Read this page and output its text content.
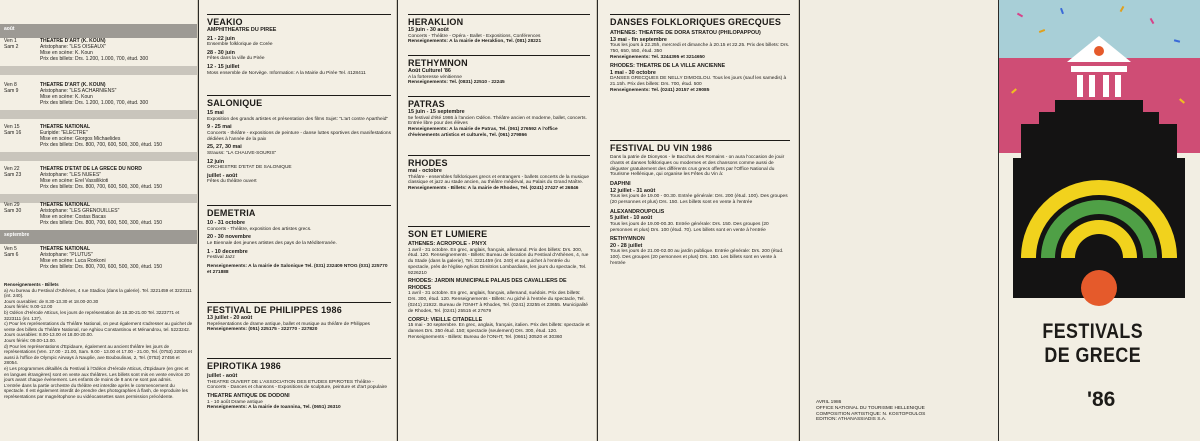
août
Ven 1
Sam 2
THEATRE D'ART (K. KOUN)
Aristophane: "LES OISEAUX"
Mise en scène: K. Koun
Prix des billets: Drs. 1.200, 1.000, 700, étud. 300
Ven 8
Sam 9
THEATRE D'ART (K. KOUN)
Aristophane: "LES ACHARNIENS"
Mise en scène: K. Koun
Prix des billets: Drs. 1.200, 1.000, 700, étud. 300
Ven 15
Sam 16
THEATRE NATIONAL
Euripide: "ELECTRE"
Mise en scène: Giorgos Michaelides
Prix des billets: Drs. 800, 700, 600, 500, 300, étud. 150
Ven 22
Sam 23
THEATRE D'ETAT DE LA GRECE DU NORD
Aristophane: "LES NUEES"
Mise en scène: Erel Vassilikioti
Prix des billets: Drs. 800, 700, 600, 500, 300, étud. 150
Ven 29
Sam 30
THEATRE NATIONAL
Aristophane: "LES GRENOUILLES"
Mise en scène: Costas Bacas
Prix des billets: Drs. 800, 700, 600, 500, 300, étud. 150
Ven 5
Sam 6
THEATRE NATIONAL
Aristophane: "PLUTUS"
Mise en scène: Luca Ronkoni
Prix des billets: Drs. 800, 700, 600, 500, 300, étud. 150
septembre
Renseignements - Billets
a) Au bureau du Festival d'Athènes, 4 rue Stadiou (dans la galerie). Tel. 3221459 et 3223111 (int. 240).
Jours ouvrables: de 8.30-13.30 et 18.00-20.30
Jours fériés: 9.00-12.00
b) Odéon d'Hérode Atticus, les jours de représentation de 18.30-21.00 Tel. 3223771 et 3223111 (int. 137).
c) Pour les représentations du Théâtre National, on peut également s'adresser au guichet de vente des billets du Théâtre National, rue Aghiou Constantinou et Ménandrou, tel. 5223242.
Jours ouvrables: 8.00-13.00 et 18.00-20.00.
Jours fériés: 09.00-13.00.
d) Pour les représentations d'Epidaure, également au ancient théâtre les jours de représentations (Ven. 17.00 - 21.00, Sam. 9.00 - 13.00 et 17.00 - 21.00, Tel. (0753) 22026 et aussi à l'office de Olympic Airways à Nauplie, ave Bouboulinas, 2, Tel. (0752) 27456 et 28054.
e) Les programmes détaillés du Festival à l'Odéon d'Hérode Atticus, d'Epidaure (en grec et en langues étrangères) sont en vente aux théâtres. Les billets sont mis en vente environ 20 jours avant chaque événement. Les enfants de moins de 8 ans ne sont pas admis.
L'entrée dans la partie orchestre du théâtre est interdite après le commencement du spectacle. Il est également interdit de prendre des photographies à flash, de reproduire les représentations par magnétophone ou vidéocassettes sans permission précédente.
VEAKIO
AMPHITHEATRE DU PIREE
21 - 22 juin
Ensemble folklorique de Corée
28 - 30 juin
Fêtes dans la ville du Pirée
12 - 15 juillet
Moss ensemble de Norvège. Information: A la Mairie du Pirée Tel. 4128411
SALONIQUE
15 mai
Exposition des grands artistes et présentation des films Sujet: "L'art contre Apartheid"
9 - 25 mai
Concerts - théâtre - expositions de peinture - danse luttes sportives des manifestations dédiées à l'année de la paix
25, 27, 30 mai
Strauss: "LA CHAUVE-SOURIS"
12 juin
ORCHESTRE D'ETAT DE SALONIQUE
juillet - août
Fêtes du théâtre ouvert
DEMETRIA
10 - 31 octobre
Concerts - Théâtre, exposition des artistes grecs.
20 - 30 novembre
Le Biennale des jeunes artistes des pays de la Méditerranée.
1 - 10 decembre
Festival Jazz
Renseignements: A la mairie de Salonique Tel. (031) 232409 NTOG (031) 225770 et 271888
FESTIVAL DE PHILIPPES 1986
13 juillet - 20 août
Représentations de drame antique, ballet et musique au théâtre de Philippes
Renseignements: (051) 225175 - 222770 - 227820
EPIROTIKA 1986
juillet - août
THEATRE OUVERT DE L'ASSOCIATION DES ETUDES EPIROTES Théâtre - Concerts - Dances et chansons - Expositions de sculpture, peinture et d'art populaire
THEATRE ANTIQUE DE DODONI
1 - 10 août Drame antique
Renseignements: A la mairie de Ioannina, Tel. (0651) 26310
HERAKLION
15 juin - 30 août
Concerts - Théâtre - Opéra - Ballet - Expositions, Conférences
Renseignements: A la mairie de Heraklion, Tel. (081) 28221
RETHYMNON
Août Culturel '86
A la forteresse vénitienne
Renseignements: Tel. (0831) 22510 - 22245
PATRAS
15 juin - 15 septembre
5e festival d'été 1986 à l'ancien Odéon. Théâtre ancien et moderne, ballet, concerts. Entrée libre pour des élèves
Renseignements: A la mairie de Patras, Tel. (061) 276592 A l'office d'évènements artistics et culturels, Tel. (061) 279866
RHODES
mai - octobre
Théâtre - ensembles folkloriques grecs et entrangers - ballets concerts de la musique classique et jazz au stade ancien, au théâtre médiéval, au Palais du Grand Maître.
Renseignements - Billets: A la mairie de Rhodes, Tel. (0241) 27427 et 26846
SON ET LUMIERE
ATHENES: ACROPOLE - PNYX
1 avril - 31 octobre. En grec, anglais, français, allemand. Prix des billets: Drs. 300, étud. 120. Renseignements - Billets: Bureau de location du Festival d'Athènes, 4, rue du Stade (dans la galerie), Tel. 3221459 (int. 240) et au guichet à l'entrée du spectacle, près de l'église Aghios Dimitrios Lombardiaris, les jours du spectacle, Tel. 9226210
RHODES: JARDIN MUNICIPALE PALAIS DES CAVALLIERS DE RHODES
1 avril - 31 octobre. En grec, anglais, français, allemand, suédois. Prix des billets: Drs. 300, étud. 120. Renseignements - Billets: Au giché à l'entrée du spectacle, Tel. (0241) 21922. Bureau de l'ONHT à Rhodes, Tel. (0241) 23255 et 23655. Municipalité de Rhodes, Tel. (0241) 25515 et 27679
CORFU: VIEILLE CITADELLE
15 mai - 30 septembre. En grec, anglais, français, italien. Prix des billets: spectacle et danses Drs. 350 étud. 150; spectacle (seulement) Drs. 300, étud. 120. Renseignements - Billets: Bureau de l'ONHT, Tel. (0661) 30520 et 30360
DANSES FOLKLORIQUES GRECQUES
ATHENES: THEATRE DE DORA STRATOU (PHILOPAPPOU)
13 mai - fin septembre
Tous les jours à 22.25h, mercredi et dimanche à 20.15 et 22.25. Prix des billets: Drs. 750, 650, 550, étud. 350
Renseignements: Tel. 3244395 et 3214650
RHODES: THEATRE DE LA VILLE ANCIENNE
1 mai - 30 octobre
DANSES GRECQUES DE NELLY DIMOGLOU. Tous les jours (sauf les samedis) à 21.15h. Prix des billets: Drs. 700, étud. 500
Renseignements: Tel. (0241) 20157 et 29085
FESTIVAL DU VIN 1986
Dans la patrie de Dionysos - le Bacchus des Romains - on aura l'occasion de jouir chants et danses folkloriques ou modernes et des chansons comme aussi de déguster gratuitement des différents crus grecs offerts par l'Office National du Tourisme Hellénique, qui organise les Fêtes du Vin à:
DAPHNI
12 juillet - 31 août
Tous les jours de 19.00 - 00.30. Entrée générale: Drs. 200 (étud. 100). Des groupes (20 personnes et plus) Drs. 150. Les billets sont en vente à l'entrée
ALEXANDROUPOLIS
5 juillet - 10 août
Tous les jours de 19.00-00.30. Entrée générale: Drs. 150. Des groupes (20 personnes et plus) Drs. 100 (étud. 70). Les billets sont en vente à l'entrée
RETHYMNON
20 - 28 juillet
Tous les jours de 21.00-02.00 au jardin publique. Entrée générale: Drs. 200 (étud. 100). Des groupes (20 personnes et plus) Drs. 150. Les billets sont en vente à l'entrée
AVRIL 1986
OFFICE NATIONAL DU TOURISME HELLENIQUE
COMPOSITION ARTISTIQUE: N. KOSTOPOULOS
EDITION: ATHANASSIADIS S.A.
FESTIVALS
DE GRECE
'86
